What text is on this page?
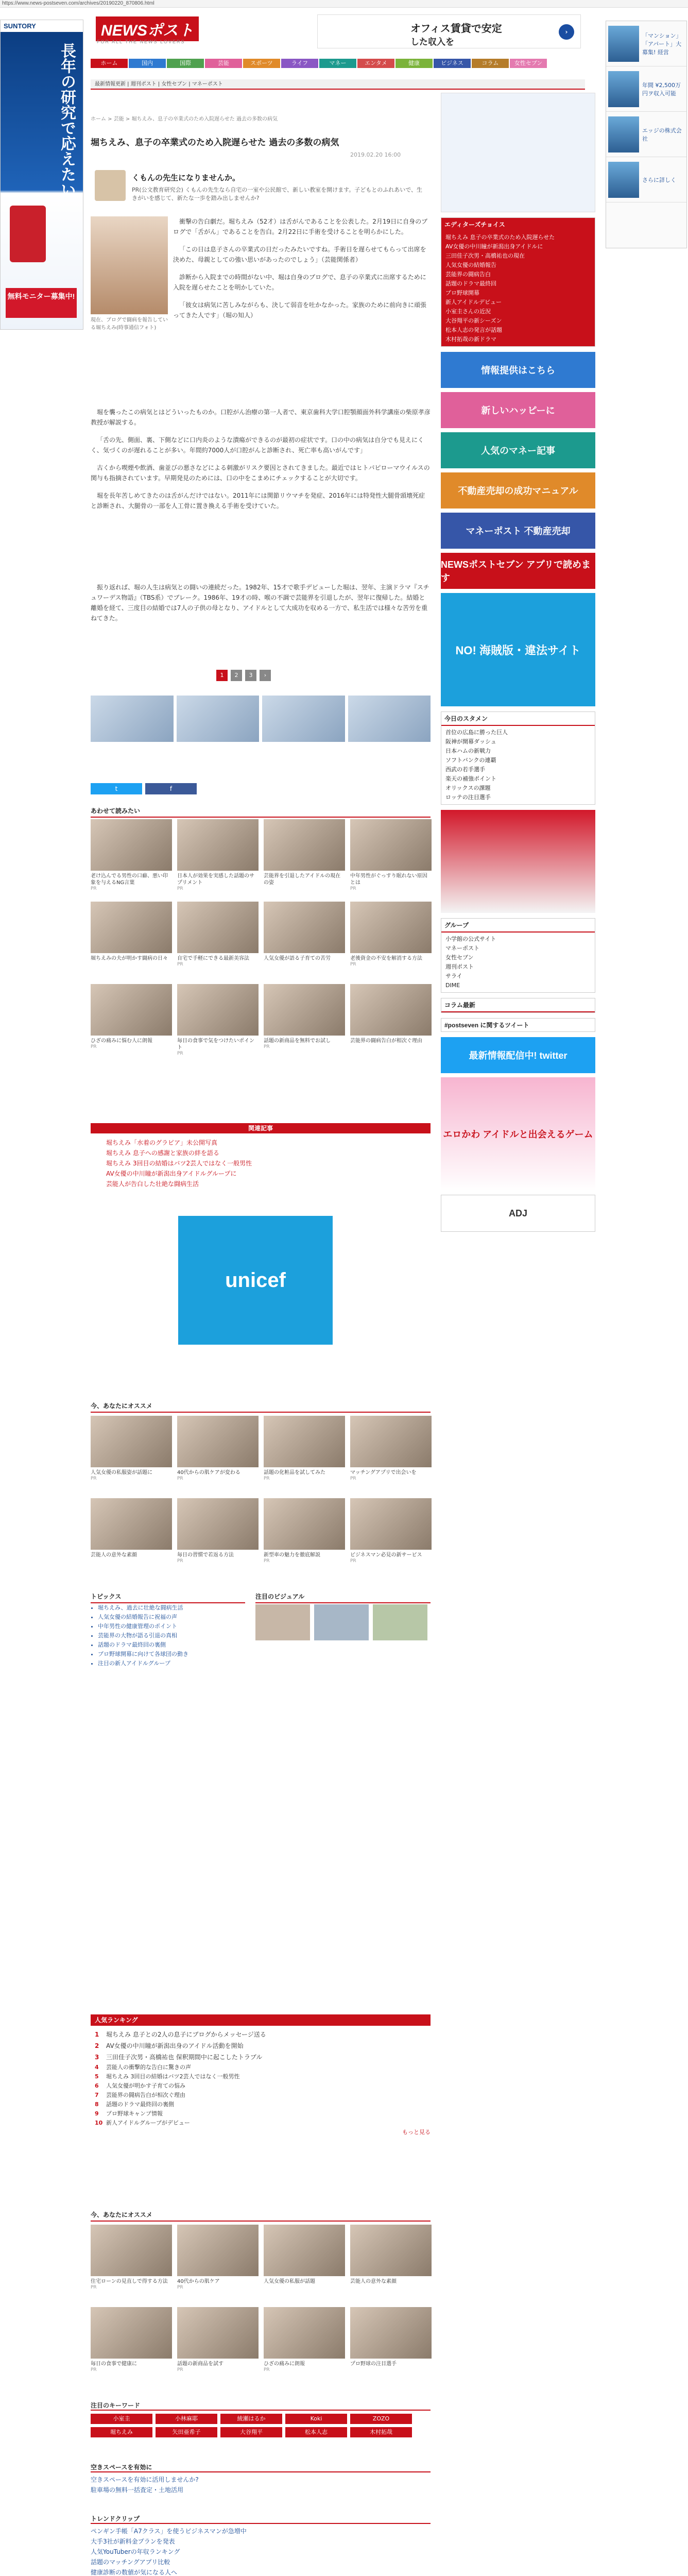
https://www.news-postseven.com/archives/20190220_870806.html
SUNTORY
長年の研究で応えたい
無料モニター募集中!
「マンション」「アパート」大募集! 経営
年間 ¥2,500万円ヲ収入可能
エッジの株式会社
さらに詳しく
NEWSポスト
FOR ALL THE NEWS LOVERS
オフィス賃貸で安定
した収入を
›
ホーム	国内	国際	芸能	スポーツ	ライフ	マネー	エンタメ	健康	ビジネス	コラム	女性セブン
最新情報更新 | 週刊ポスト | 女性セブン | マネーポスト
ホーム > 芸能 > 堀ちえみ、息子の卒業式のため入院遅らせた 過去の多数の病気
堀ちえみ、息子の卒業式のため入院遅らせた 過去の多数の病気
2019.02.20 16:00
くもんの先生になりませんか。
PR(公文教育研究会) くもんの先生なら自宅の一室や公民館で、新しい教室を開けます。子どもとのふれあいで、生きがいを感じて、新たな一歩を踏み出しませんか?
現在、ブログで闘病を報告している堀ちえみ(時事通信フォト)

衝撃の告白劇だ。堀ちえみ（52才）は舌がんであることを公表した。2月19日に自身のブログで「舌がん」であることを告白。2月22日に手術を受けることを明らかにした。

「この日は息子さんの卒業式の日だったみたいですね。手術日を遅らせてもらって出席を決めた、母親としての強い思いがあったのでしょう」（芸能関係者）

診断から入院までの時間がない中、堀は自身のブログで、息子の卒業式に出席するために入院を遅らせたことを明かしていた。

「彼女は病気に苦しみながらも、決して弱音を吐かなかった。家族のために前向きに頑張ってきた人です」（堀の知人）

堀を襲ったこの病気とはどういったものか。口腔がん治療の第一人者で、東京歯科大学口腔顎顔面外科学講座の柴原孝彦教授が解説する。

「舌の先、側面、裏、下側などに口内炎のような潰瘍ができるのが最初の症状です。口の中の病気は自分でも見えにくく、気づくのが遅れることが多い。年間約7000人が口腔がんと診断され、死亡率も高いがんです」

古くから喫煙や飲酒、歯並びの悪さなどによる刺激がリスク要因とされてきました。最近ではヒトパピローマウイルスの関与も指摘されています。早期発見のためには、口の中をこまめにチェックすることが大切です。

堀を長年苦しめてきたのは舌がんだけではない。2011年には関節リウマチを発症、2016年には特発性大腿骨頭壊死症と診断され、大腿骨の一部を人工骨に置き換える手術を受けていた。

振り返れば、堀の人生は病気との闘いの連続だった。1982年、15才で歌手デビューした堀は、翌年、主演ドラマ『スチュワーデス物語』（TBS系）でブレーク。1986年、19才の時、喉の不調で芸能界を引退したが、翌年に復帰した。結婚と離婚を経て、三度目の結婚では7人の子供の母となり、アイドルとして大成功を収める一方で、私生活では様々な苦労を重ねてきた。

1	2	3	›
t	f
あわせて読みたい
老け込んでる男性の口癖、悪い印象を与えるNG言葉
PR
日本人が効果を実感した話題のサプリメント
PR
芸能界を引退したアイドルの現在の姿
中年男性がぐっすり眠れない原因とは
PR
堀ちえみの夫が明かす闘病の日々	自宅で手軽にできる最新美容法
PR
人気女優が語る子育ての苦労	老後資金の不安を解消する方法
PR
ひざの痛みに悩む人に朗報
PR
毎日の食事で気をつけたいポイント
PR
話題の新商品を無料でお試し
PR
芸能界の闘病告白が相次ぐ理由
関連記事
堀ちえみ「水着のグラビア」未公開写真
堀ちえみ 息子への感謝と家族の絆を語る
堀ちえみ 3回目の結婚はバツ2芸人ではなく一般男性
AV女優の中川瞳が新潟出身アイドルグループに
芸能人が告白した壮絶な闘病生活
unicef
今、あなたにオススメ
人気女優の私服姿が話題に
PR
40代からの肌ケアが変わる
PR
話題の化粧品を試してみた
PR
マッチングアプリで出会いを
PR
芸能人の意外な素顔	毎日の習慣で若返る方法
PR
新型車の魅力を徹底解説
PR
ビジネスマン必見の新サービス
PR
トピックス
• 堀ちえみ、過去に壮絶な闘病生活
• 人気女優の結婚報告に祝福の声
• 中年男性の健康管理のポイント
• 芸能界の大物が語る引退の真相
• 話題のドラマ最終回の裏側
• プロ野球開幕に向けて各球団の動き
• 注目の新人アイドルグループ
注目のビジュアル
人気ランキング
1 堀ちえみ 息子との2人の息子にブログからメッセージ送る
2 AV女優の中川瞳が新潟出身のアイドル活動を開始
3 三田佳子次男・高橋祐也 保釈期間中に起こしたトラブル
4 芸能人の衝撃的な告白に驚きの声
5 堀ちえみ 3回目の結婚はバツ2芸人ではなく一般男性
6 人気女優が明かす子育ての悩み
7 芸能界の闘病告白が相次ぐ理由
8 話題のドラマ最終回の裏側
9 プロ野球キャンプ情報
10 新人アイドルグループがデビュー
もっと見る
今、あなたにオススメ
住宅ローンの見直しで得する方法
PR
40代からの肌ケア
PR
人気女優の私服が話題	芸能人の意外な素顔
毎日の食事で健康に
PR
話題の新商品を試す
PR
ひざの痛みに朗報
PR
プロ野球の注目選手
注目のキーワード
小室圭	小林麻耶	綾瀬はるか	Koki	ZOZO
堀ちえみ	矢田亜希子	大谷翔平	松本人志	木村拓哉
空きスペースを有効に
空きスペースを有効に活用しませんか?
駐車場の無料一括査定・土地活用
トレンドクリップ
ペンギン手帳「A7クラス」を使うビジネスマンが急増中
大手3社が新料金プランを発表
人気YouTuberの年収ランキング
話題のマッチングアプリ比較
健康診断の数値が気になる人へ
エディターズチョイス
堀ちえみ 息子の卒業式のため入院遅らせた
AV女優の中川瞳が新潟出身アイドルに
三田佳子次男・高橋祐也の現在
人気女優の結婚報告
芸能界の闘病告白
話題のドラマ最終回
プロ野球開幕
新人アイドルデビュー
小室圭さんの近況
大谷翔平の新シーズン
松本人志の発言が話題
木村拓哉の新ドラマ
情報提供はこちら
新しいハッピーに
人気のマネー記事
不動産売却の成功マニュアル
マネーポスト 不動産売却
NEWSポストセブン アプリで読めます
NO! 海賊版・違法サイト
今日のスタメン
首位の広島に勝った巨人
阪神が開幕ダッシュ
日本ハムの新戦力
ソフトバンクの連覇
西武の若手選手
楽天の補強ポイント
オリックスの課題
ロッテの注目選手
グループ
小学館の公式サイト
マネーポスト
女性セブン
週刊ポスト
サライ
DIME
コラム最新
#postseven に関するツイート
最新情報配信中! twitter
エロかわ アイドルと出会えるゲーム
ADJ
